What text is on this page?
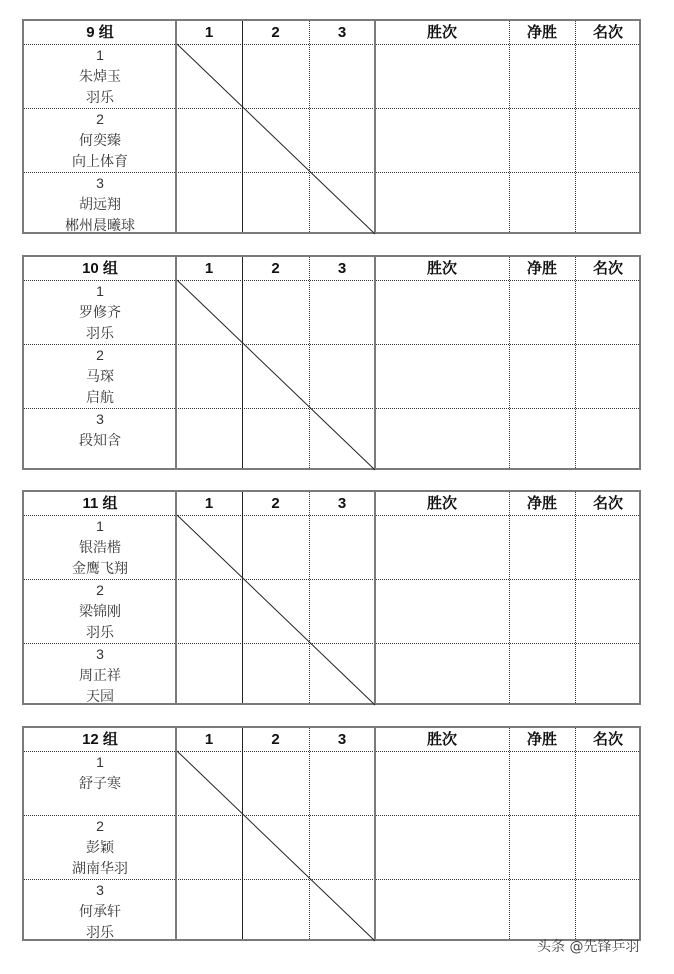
9 组	1	2	3	胜次	净胜	名次
1
朱焯玉
羽乐
2
何奕臻
向上体育
3
胡远翔
郴州晨曦球
10 组	1	2	3	胜次	净胜	名次
1
罗修齐
羽乐
2
马琛
启航
3
段知含
11 组	1	2	3	胜次	净胜	名次
1
银浩楷
金鹰飞翔
2
梁锦刚
羽乐
3
周正祥
天园
12 组	1	2	3	胜次	净胜	名次
1
舒子寒
2
彭颖
湖南华羽
3
何承轩
羽乐
头条 @先锋乒羽
